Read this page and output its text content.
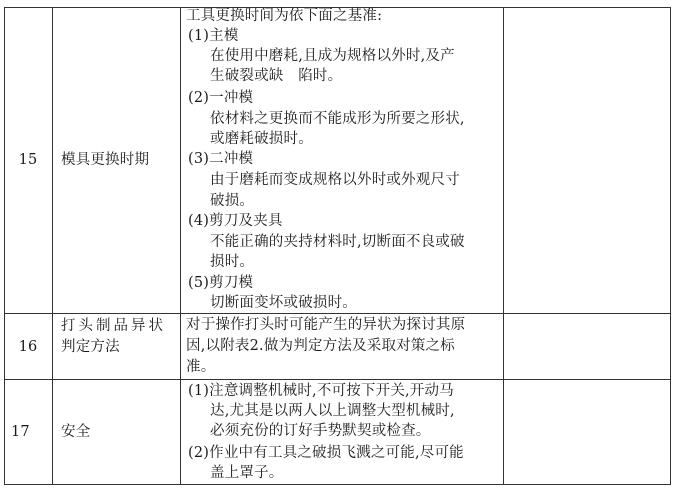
15	模具更换时期
工具更换时间为依下面之基准:
(1)主模
在使用中磨耗,且成为规格以外时,及产
生破裂或缺　陷时。
(2)一冲模
依材料之更换而不能成形为所要之形状,
或磨耗破损时。
(3)二冲模
由于磨耗而变成规格以外时或外观尺寸
破损。
(4)剪刀及夹具
不能正确的夹持材料时,切断面不良或破
损时。
(5)剪刀模
切断面变坏或破损时。
16
打头制品异状
判定方法
对于操作打头时可能产生的异状为探讨其原
因,以附表2.做为判定方法及采取对策之标
准。
17 安全
(1)注意调整机械时,不可按下开关,开动马
达,尤其是以两人以上调整大型机械时,
必须充份的订好手势默契或检查。
(2)作业中有工具之破损飞溅之可能,尽可能
盖上罩子。
